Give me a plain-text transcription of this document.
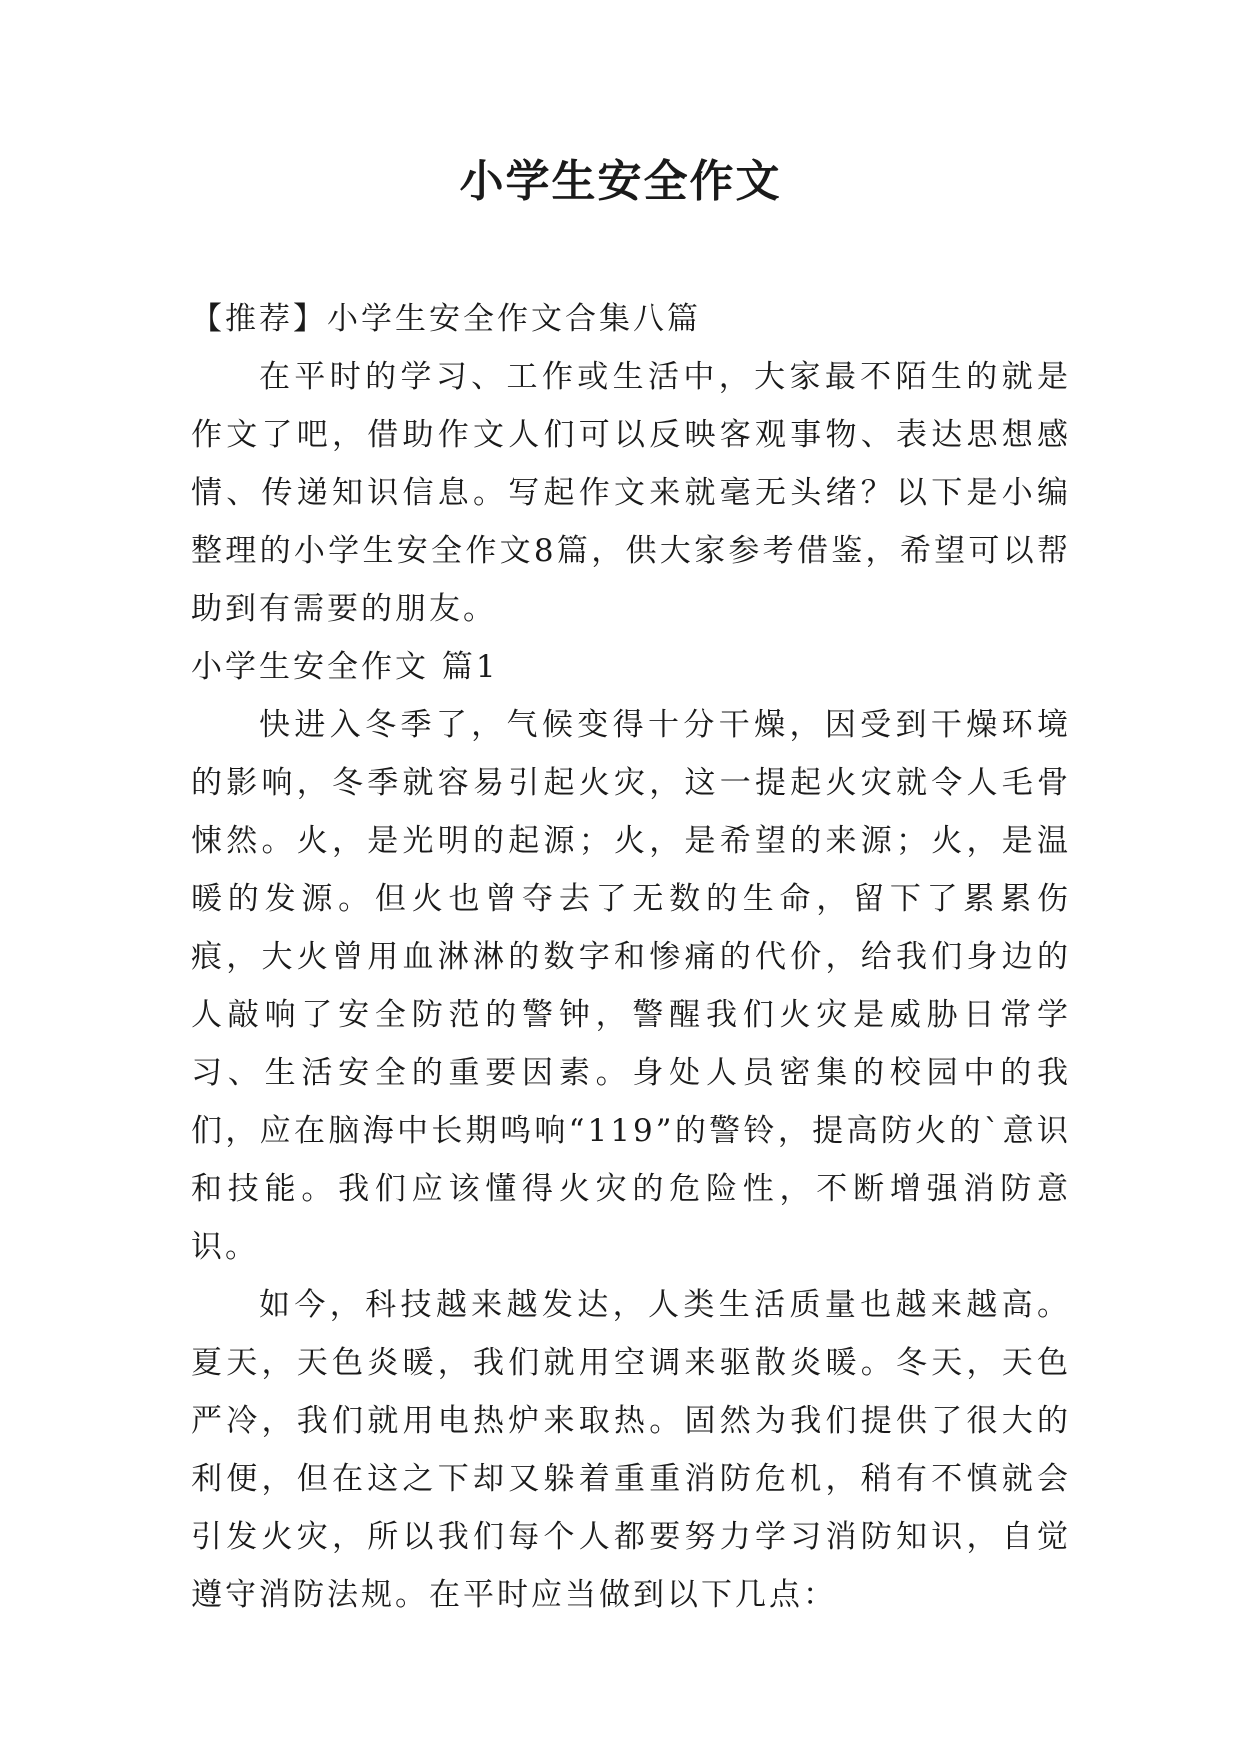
小学生安全作文

【推荐】小学生安全作文合集八篇

在平时的学习、工作或生活中，大家最不陌生的就是作文了吧，借助作文人们可以反映客观事物、表达思想感情、传递知识信息。写起作文来就毫无头绪？以下是小编整理的小学生安全作文8篇，供大家参考借鉴，希望可以帮助到有需要的朋友。

小学生安全作文 篇1

快进入冬季了，气候变得十分干燥，因受到干燥环境的影响，冬季就容易引起火灾，这一提起火灾就令人毛骨悚然。火，是光明的起源；火，是希望的来源；火，是温暖的发源。但火也曾夺去了无数的生命，留下了累累伤痕，大火曾用血淋淋的数字和惨痛的代价，给我们身边的人敲响了安全防范的警钟，警醒我们火灾是威胁日常学习、生活安全的重要因素。身处人员密集的校园中的我们，应在脑海中长期鸣响“119”的警铃，提高防火的`意识和技能。我们应该懂得火灾的危险性，不断增强消防意识。

如今，科技越来越发达，人类生活质量也越来越高。夏天，天色炎暖，我们就用空调来驱散炎暖。冬天，天色严冷，我们就用电热炉来取热。固然为我们提供了很大的利便，但在这之下却又躲着重重消防危机，稍有不慎就会引发火灾，所以我们每个人都要努力学习消防知识，自觉遵守消防法规。在平时应当做到以下几点：
